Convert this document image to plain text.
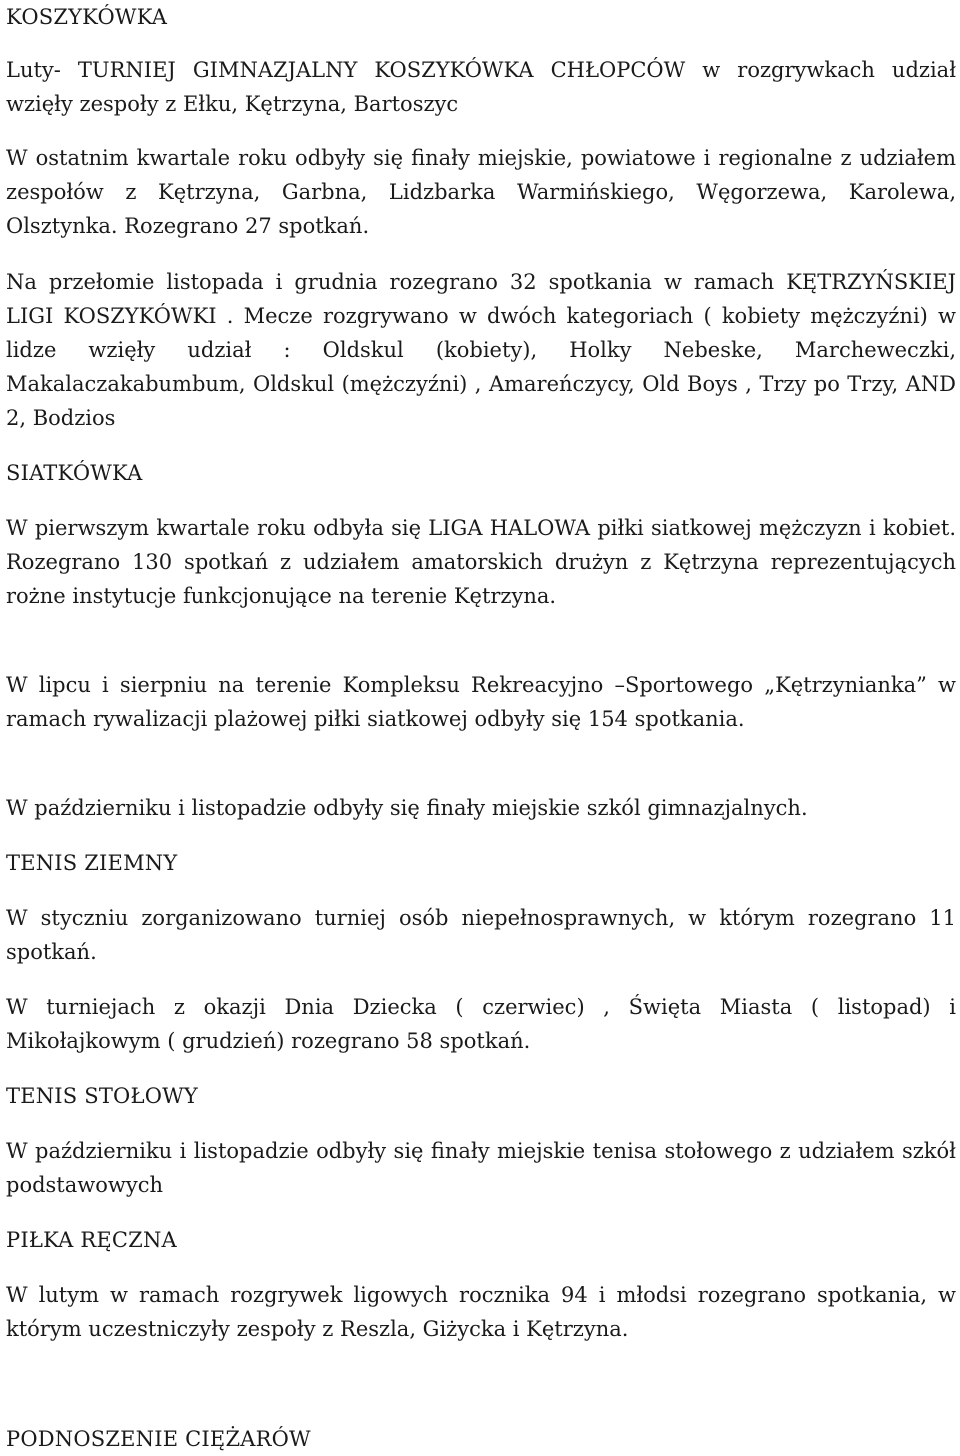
KOSZYKÓWKA

Luty- TURNIEJ GIMNAZJALNY KOSZYKÓWKA CHŁOPCÓW w rozgrywkach udział wzięły zespoły z Ełku, Kętrzyna, Bartoszyc

W ostatnim kwartale roku odbyły się finały miejskie, powiatowe i regionalne z udziałem zespołów z Kętrzyna, Garbna, Lidzbarka Warmińskiego, Węgorzewa, Karolewa, Olsztynka. Rozegrano 27 spotkań.

Na przełomie listopada i grudnia rozegrano 32 spotkania w ramach KĘTRZYŃSKIEJ LIGI KOSZYKÓWKI . Mecze rozgrywano w dwóch kategoriach ( kobiety mężczyźni) w lidze wzięły udział : Oldskul (kobiety), Holky Nebeske, Marcheweczki, Makalaczakabumbum, Oldskul (mężczyźni) , Amareńczycy, Old Boys , Trzy po Trzy, AND 2, Bodzios

SIATKÓWKA

W pierwszym kwartale roku odbyła się LIGA HALOWA piłki siatkowej mężczyzn i kobiet. Rozegrano 130 spotkań z udziałem amatorskich drużyn z Kętrzyna reprezentujących rożne instytucje funkcjonujące na terenie Kętrzyna.

W lipcu i sierpniu na terenie Kompleksu Rekreacyjno –Sportowego „Kętrzynianka” w ramach rywalizacji plażowej piłki siatkowej odbyły się 154 spotkania.

W październiku i listopadzie odbyły się finały miejskie szkól gimnazjalnych.

TENIS ZIEMNY

W styczniu zorganizowano turniej osób niepełnosprawnych, w którym rozegrano 11 spotkań.

W turniejach z okazji Dnia Dziecka ( czerwiec) , Święta Miasta ( listopad) i Mikołajkowym ( grudzień) rozegrano 58 spotkań.

TENIS STOŁOWY

W październiku i listopadzie odbyły się finały miejskie tenisa stołowego z udziałem szkół podstawowych

PIŁKA RĘCZNA

W lutym w ramach rozgrywek ligowych rocznika 94 i młodsi rozegrano spotkania, w którym uczestniczyły zespoły z Reszla, Giżycka i Kętrzyna.

PODNOSZENIE CIĘŻARÓW
